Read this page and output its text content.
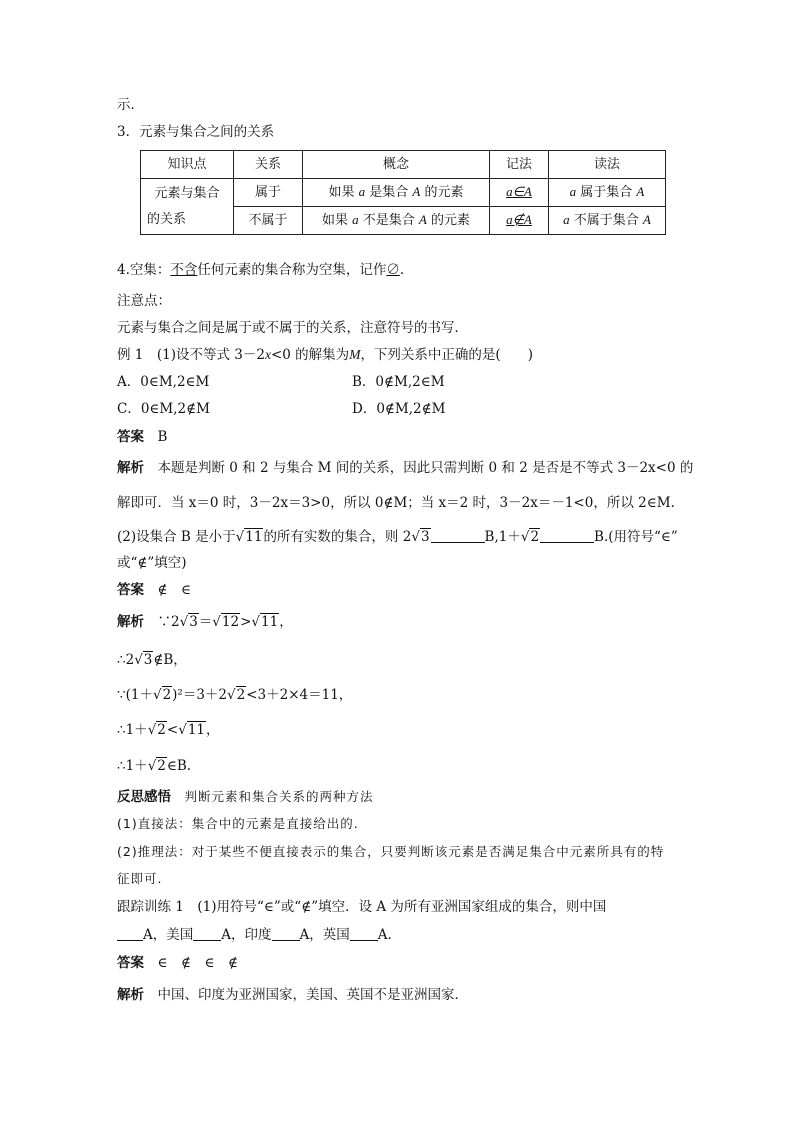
示．
3．元素与集合之间的关系
知识点	关系	概念	记法	读法
元素与集合
的关系	属于	如果 a 是集合 A 的元素	a∈A	a 属于集合 A
	不属于	如果 a 不是集合 A 的元素	a∉A	a 不属于集合 A
4.空集：不含任何元素的集合称为空集，记作∅.
注意点：
元素与集合之间是属于或不属于的关系，注意符号的书写．
例 1　(1)设不等式 3－2x<0 的解集为M，下列关系中正确的是(　　)
A．0∈M,2∈M	B．0∉M,2∈M
C．0∈M,2∉M	D．0∉M,2∉M
答案　 B
解析　 本题是判断 0 和 2 与集合 M 间的关系，因此只需判断 0 和 2 是否是不等式 3－2x<0 的
解即可．当 x＝0 时，3－2x＝3>0，所以 0∉M；当 x＝2 时，3－2x＝－1<0，所以 2∈M.
(2)设集合 B 是小于√11的所有实数的集合，则 2√3	B,1＋√2	B.(用符号“∈”
或“∉”填空)
答案　 ∉　∈
解析　 ∵2√3＝√12>√11，
∴2√3∉B，
∵(1＋√2)²＝3＋2√2<3＋2×4＝11，
∴1＋√2<√11，
∴1＋√2∈B.
反思感悟　 判断元素和集合关系的两种方法
(1)直接法：集合中的元素是直接给出的.
(2)推理法：对于某些不便直接表示的集合，只要判断该元素是否满足集合中元素所具有的特
征即可.
跟踪训练 1　(1)用符号“∈”或“∉”填空．设 A 为所有亚洲国家组成的集合，则中国
A，美国 A，印度 A，英国 A.
答案　 ∈　∉　∈　∉
解析　 中国、印度为亚洲国家，美国、英国不是亚洲国家．
